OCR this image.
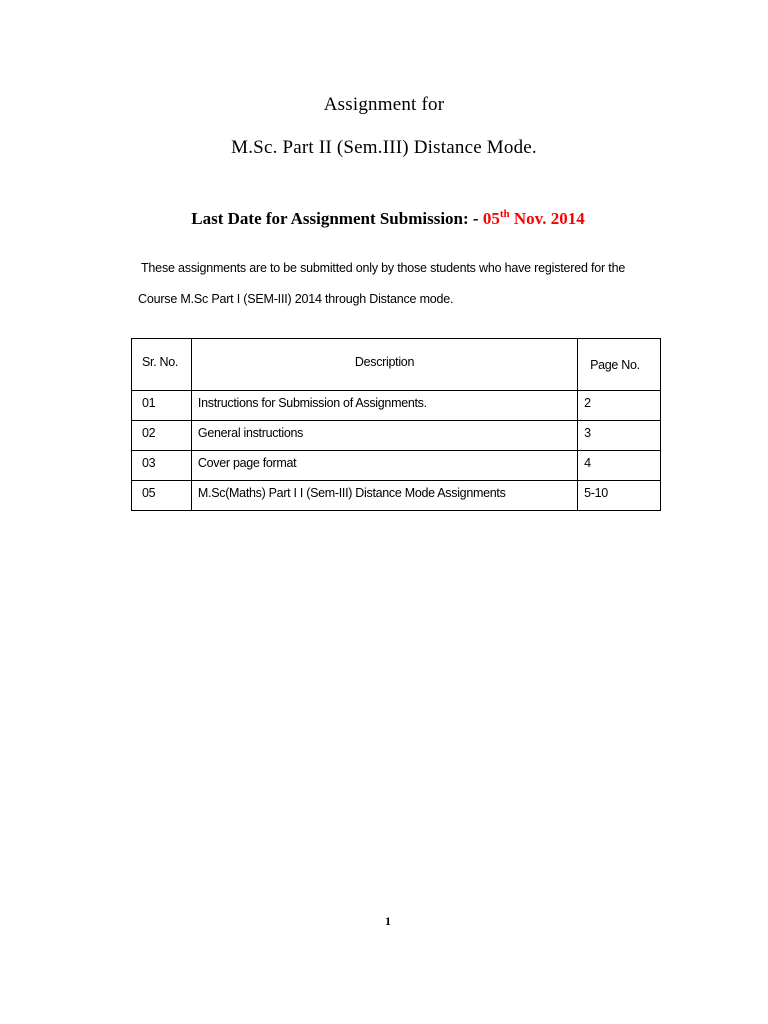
Assignment for
M.Sc. Part II (Sem.III) Distance Mode.
Last Date for Assignment Submission: - 05th Nov. 2014
These assignments are to be submitted only by those students who have registered for the
Course M.Sc Part I (SEM-III) 2014 through Distance mode.
Sr. No.	Description	Page No.
01	Instructions for Submission of Assignments.	2
02	General instructions	3
03	Cover page format	4
05	M.Sc(Maths) Part I I (Sem-III) Distance Mode Assignments	5-10
1
